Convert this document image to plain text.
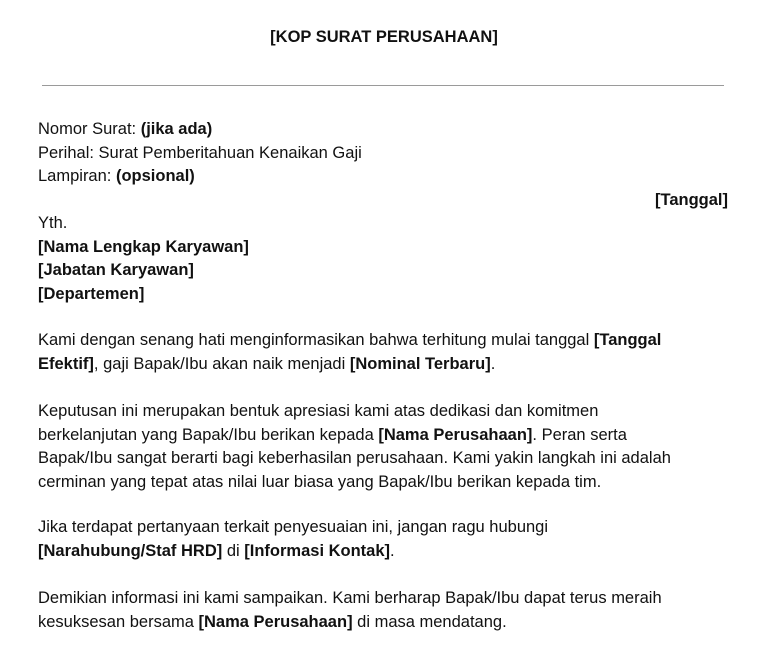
[KOP SURAT PERUSAHAAN]
Nomor Surat: (jika ada)
Perihal: Surat Pemberitahuan Kenaikan Gaji
Lampiran: (opsional)
[Tanggal]
Yth.
[Nama Lengkap Karyawan]
[Jabatan Karyawan]
[Departemen]
Kami dengan senang hati menginformasikan bahwa terhitung mulai tanggal [Tanggal
Efektif], gaji Bapak/Ibu akan naik menjadi [Nominal Terbaru].
Keputusan ini merupakan bentuk apresiasi kami atas dedikasi dan komitmen
berkelanjutan yang Bapak/Ibu berikan kepada [Nama Perusahaan]. Peran serta
Bapak/Ibu sangat berarti bagi keberhasilan perusahaan. Kami yakin langkah ini adalah
cerminan yang tepat atas nilai luar biasa yang Bapak/Ibu berikan kepada tim.
Jika terdapat pertanyaan terkait penyesuaian ini, jangan ragu hubungi
[Narahubung/Staf HRD] di [Informasi Kontak].
Demikian informasi ini kami sampaikan. Kami berharap Bapak/Ibu dapat terus meraih
kesuksesan bersama [Nama Perusahaan] di masa mendatang.
